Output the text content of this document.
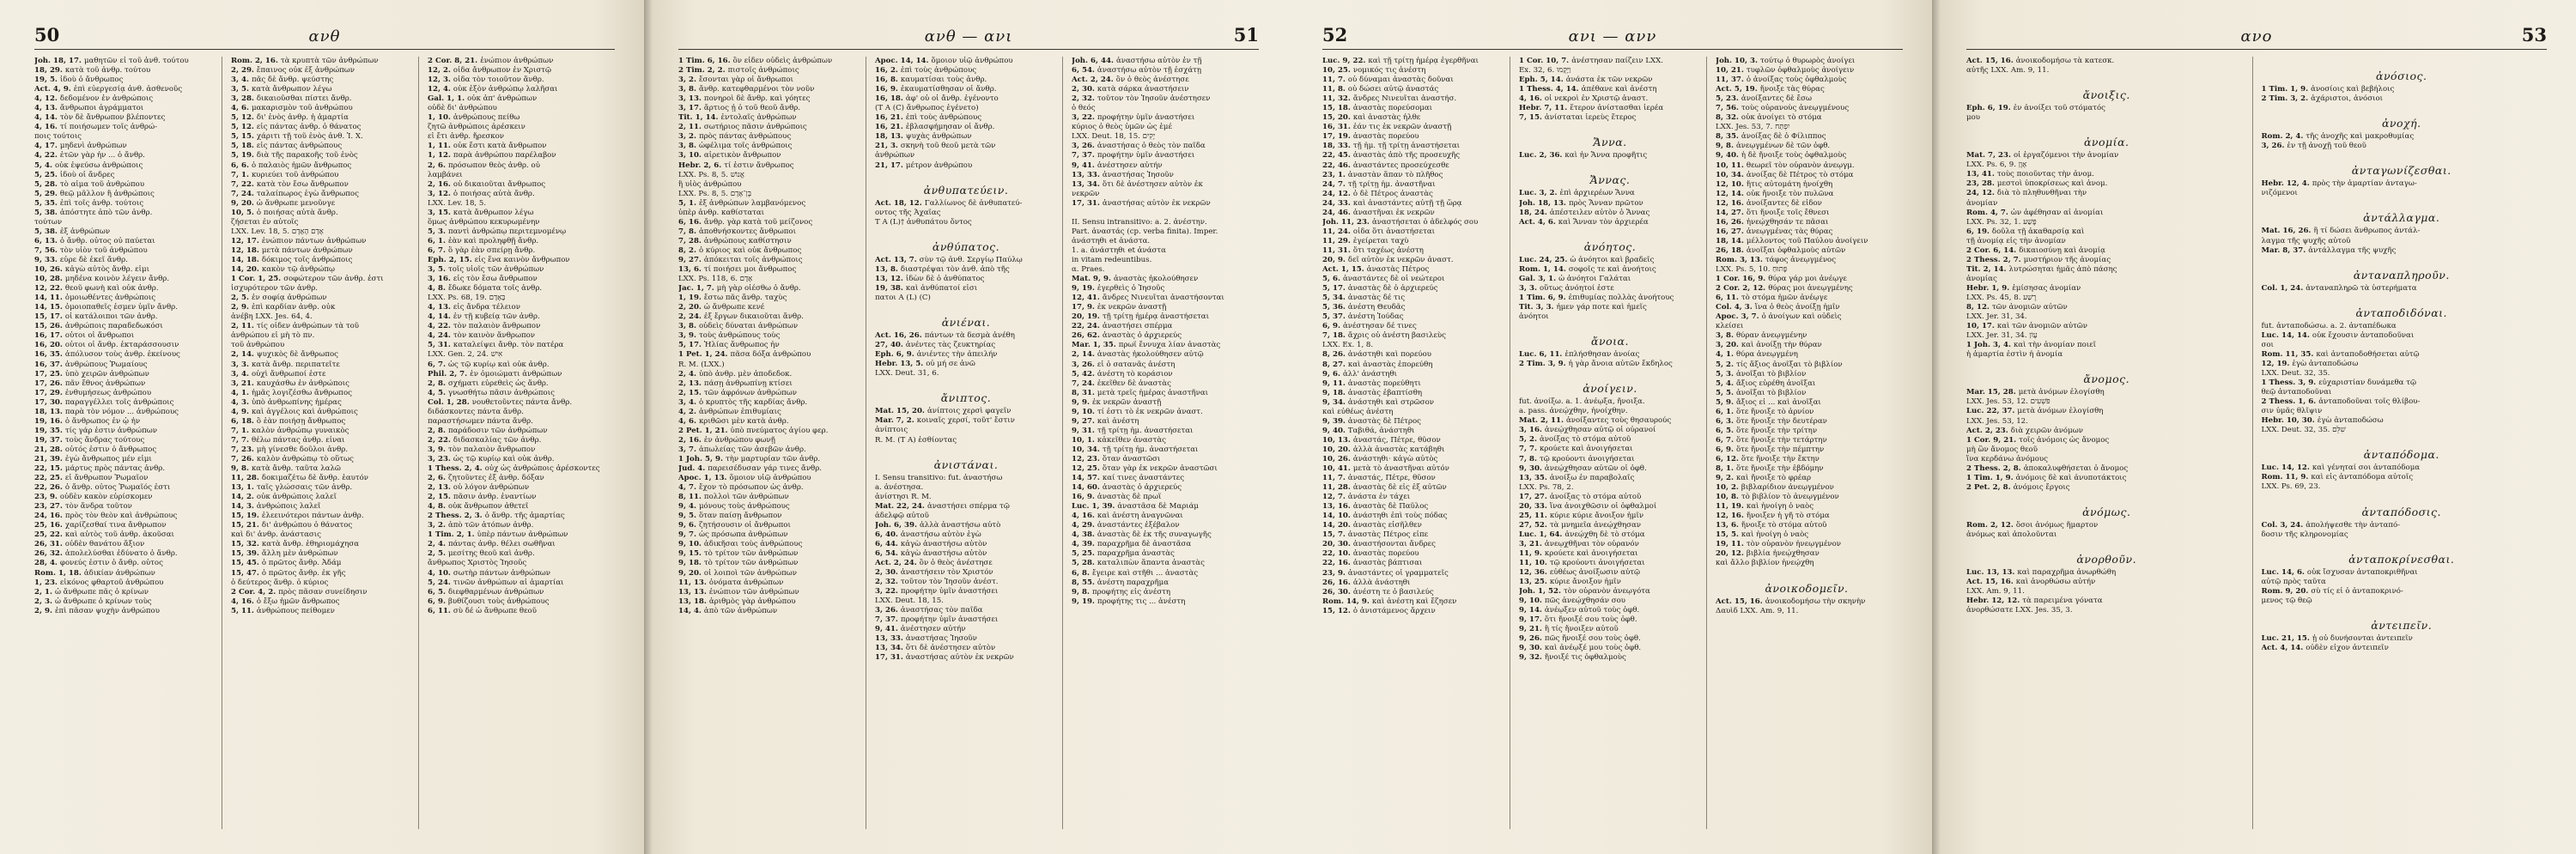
50	ανθ
Joh. 18, 17. μαθητῶν εἶ τοῦ ἀνθ. τούτου
18, 29. κατὰ τοῦ ἀνθρ. τούτου
19, 5. ἰδοὺ ὁ ἄνθρωπος
Act. 4, 9. ἐπὶ εὐεργεσίᾳ ἀνθ. ἀσθενοῦς
4, 12. δεδομένον ἐν ἀνθρώποις
4, 13. ἄνθρωποι ἀγράμματοι
4, 14. τὸν δὲ ἄνθρωπον βλέποντες
4, 16. τί ποιήσωμεν τοῖς ἀνθρώ-
ποις τούτοις
4, 17. μηδενὶ ἀνθρώπων
4, 22. ἐτῶν γὰρ ἦν ... ὁ ἄνθρ.
5, 4. οὐκ ἐψεύσω ἀνθρώποις
5, 25. ἰδοὺ οἱ ἄνδρες
5, 28. τὸ αἷμα τοῦ ἀνθρώπου
5, 29. θεῷ μᾶλλον ἢ ἀνθρώποις
5, 35. ἐπὶ τοῖς ἀνθρ. τούτοις
5, 38. ἀπόστητε ἀπὸ τῶν ἀνθρ.
τούτων
5, 38. ἐξ ἀνθρώπων
6, 13. ὁ ἄνθρ. οὗτος οὐ παύεται
7, 56. τὸν υἱὸν τοῦ ἀνθρώπου
9, 33. εὗρε δὲ ἐκεῖ ἄνθρ.
10, 26. κἀγὼ αὐτὸς ἄνθρ. εἰμι
10, 28. μηδένα κοινὸν λέγειν ἄνθρ.
12, 22. θεοῦ φωνὴ καὶ οὐκ ἀνθρ.
14, 11. ὁμοιωθέντες ἀνθρώποις
14, 15. ὁμοιοπαθεῖς ἐσμεν ὑμῖν ἄνθρ.
15, 17. οἱ κατάλοιποι τῶν ἀνθρ.
15, 26. ἀνθρώποις παραδεδωκόσι
16, 17. οὗτοι οἱ ἄνθρωποι
16, 20. οὗτοι οἱ ἄνθρ. ἐκταράσσουσιν
16, 35. ἀπόλυσον τοὺς ἀνθρ. ἐκείνους
16, 37. ἀνθρώπους Ῥωμαίους
17, 25. ὑπὸ χειρῶν ἀνθρώπων
17, 26. πᾶν ἔθνος ἀνθρώπων
17, 29. ἐνθυμήσεως ἀνθρώπου
17, 30. παραγγέλλει τοῖς ἀνθρώποις
18, 13. παρὰ τὸν νόμον ... ἀνθρώπους
19, 16. ὁ ἄνθρωπος ἐν ᾧ ἦν
19, 35. τίς γάρ ἐστιν ἀνθρώπων
19, 37. τοὺς ἄνδρας τούτους
21, 28. οὗτός ἐστιν ὁ ἄνθρωπος
21, 39. ἐγὼ ἄνθρωπος μέν εἰμι
22, 15. μάρτυς πρὸς πάντας ἀνθρ.
22, 25. εἰ ἄνθρωπον Ῥωμαῖον
22, 26. ὁ ἄνθρ. οὗτος Ῥωμαῖός ἐστι
23, 9. οὐδὲν κακὸν εὑρίσκομεν
23, 27. τὸν ἄνδρα τοῦτον
24, 16. πρὸς τὸν θεὸν καὶ ἀνθρώπους
25, 16. χαρίζεσθαί τινα ἄνθρωπον
25, 22. καὶ αὐτὸς τοῦ ἀνθρ. ἀκοῦσαι
26, 31. οὐδὲν θανάτου ἄξιον
26, 32. ἀπολελύσθαι ἐδύνατο ὁ ἄνθρ.
28, 4. φονεύς ἐστιν ὁ ἄνθρ. οὗτος
Rom. 1, 18. ἀδικίαν ἀνθρώπων
1, 23. εἰκόνος φθαρτοῦ ἀνθρώπου
2, 1. ὦ ἄνθρωπε πᾶς ὁ κρίνων
2, 3. ὦ ἄνθρωπε ὁ κρίνων τοὺς
2, 9. ἐπὶ πᾶσαν ψυχὴν ἀνθρώπου
Rom. 2, 16. τὰ κρυπτὰ τῶν ἀνθρώπων
2, 29. ἔπαινος οὐκ ἐξ ἀνθρώπων
3, 4. πᾶς δὲ ἄνθρ. ψεύστης
3, 5. κατὰ ἄνθρωπον λέγω
3, 28. δικαιοῦσθαι πίστει ἄνθρ.
4, 6. μακαρισμὸν τοῦ ἀνθρώπου
5, 12. δι' ἑνὸς ἀνθρ. ἡ ἁμαρτία
5, 12. εἰς πάντας ἀνθρ. ὁ θάνατος
5, 15. χάριτι τῇ τοῦ ἑνὸς ἀνθ. Ἰ. Χ.
5, 18. εἰς πάντας ἀνθρώπους
5, 19. διὰ τῆς παρακοῆς τοῦ ἑνὸς
6, 6. ὁ παλαιὸς ἡμῶν ἄνθρωπος
7, 1. κυριεύει τοῦ ἀνθρώπου
7, 22. κατὰ τὸν ἔσω ἄνθρωπον
7, 24. ταλαίπωρος ἐγὼ ἄνθρωπος
9, 20. ὦ ἄνθρωπε μενοῦνγε
10, 5. ὁ ποιήσας αὐτὰ ἄνθρ.
ζήσεται ἐν αὐτοῖς
LXX. Lev. 18, 5. אָדָם הָאָדָם
12, 17. ἐνώπιον πάντων ἀνθρώπων
12, 18. μετὰ πάντων ἀνθρώπων
14, 18. δόκιμος τοῖς ἀνθρώποις
14, 20. κακὸν τῷ ἀνθρώπῳ
1 Cor. 1, 25. σοφώτερον τῶν ἀνθρ. ἐστι
ἰσχυρότερον τῶν ἀνθρ.
2, 5. ἐν σοφίᾳ ἀνθρώπων
2, 9. ἐπὶ καρδίαν ἀνθρ. οὐκ
ἀνέβη LXX. Jes. 64, 4.
2, 11. τίς οἶδεν ἀνθρώπων τὰ τοῦ
ἀνθρώπου εἰ μὴ τὸ πν.
τοῦ ἀνθρώπου
2, 14. ψυχικὸς δὲ ἄνθρωπος
3, 3. κατὰ ἄνθρ. περιπατεῖτε
3, 4. οὐχὶ ἄνθρωποί ἐστε
3, 21. καυχάσθω ἐν ἀνθρώποις
4, 1. ἡμᾶς λογιζέσθω ἄνθρωπος
4, 3. ὑπὸ ἀνθρωπίνης ἡμέρας
4, 9. καὶ ἀγγέλοις καὶ ἀνθρώποις
6, 18. ὃ ἐὰν ποιήσῃ ἄνθρωπος
7, 1. καλὸν ἀνθρώπῳ γυναικὸς
7, 7. θέλω πάντας ἀνθρ. εἶναι
7, 23. μὴ γίνεσθε δοῦλοι ἀνθρ.
7, 26. καλὸν ἀνθρώπῳ τὸ οὕτως
9, 8. κατὰ ἄνθρ. ταῦτα λαλῶ
11, 28. δοκιμαζέτω δὲ ἄνθρ. ἑαυτόν
13, 1. ταῖς γλώσσαις τῶν ἀνθρ.
14, 2. οὐκ ἀνθρώποις λαλεῖ
14, 3. ἀνθρώποις λαλεῖ
15, 19. ἐλεεινότεροι πάντων ἀνθρ.
15, 21. δι' ἀνθρώπου ὁ θάνατος
καὶ δι' ἀνθρ. ἀνάστασις
15, 32. κατὰ ἄνθρ. ἐθηριομάχησα
15, 39. ἄλλη μὲν ἀνθρώπων
15, 45. ὁ πρῶτος ἄνθρ. Ἀδάμ
15, 47. ὁ πρῶτος ἄνθρ. ἐκ γῆς
ὁ δεύτερος ἄνθρ. ὁ κύριος
2 Cor. 4, 2. πρὸς πᾶσαν συνείδησιν
4, 16. ὁ ἔξω ἡμῶν ἄνθρωπος
5, 11. ἀνθρώπους πείθομεν
2 Cor. 8, 21. ἐνώπιον ἀνθρώπων
12, 2. οἶδα ἄνθρωπον ἐν Χριστῷ
12, 3. οἶδα τὸν τοιοῦτον ἄνθρ.
12, 4. οὐκ ἐξὸν ἀνθρώπῳ λαλῆσαι
Gal. 1, 1. οὐκ ἀπ' ἀνθρώπων
οὐδὲ δι' ἀνθρώπου
1, 10. ἀνθρώπους πείθω
ζητῶ ἀνθρώποις ἀρέσκειν
εἰ ἔτι ἀνθρ. ἤρεσκον
1, 11. οὐκ ἔστι κατὰ ἄνθρωπον
1, 12. παρὰ ἀνθρώπου παρέλαβον
2, 6. πρόσωπον θεὸς ἀνθρ. οὐ
λαμβάνει
2, 16. οὐ δικαιοῦται ἄνθρωπος
3, 12. ὁ ποιήσας αὐτὰ ἄνθρ.
LXX. Lev. 18, 5.
3, 15. κατὰ ἄνθρωπον λέγω
ὅμως ἀνθρώπου κεκυρωμένην
5, 3. παντὶ ἀνθρώπῳ περιτεμνομένῳ
6, 1. ἐὰν καὶ προληφθῇ ἄνθρ.
6, 7. ὃ γὰρ ἐὰν σπείρῃ ἄνθρ.
Eph. 2, 15. εἰς ἕνα καινὸν ἄνθρωπον
3, 5. τοῖς υἱοῖς τῶν ἀνθρώπων
3, 16. εἰς τὸν ἔσω ἄνθρωπον
4, 8. ἔδωκε δόματα τοῖς ἀνθρ.
LXX. Ps. 68, 19. בָּאָדָם
4, 13. εἰς ἄνδρα τέλειον
4, 14. ἐν τῇ κυβείᾳ τῶν ἀνθρ.
4, 22. τὸν παλαιὸν ἄνθρωπον
4, 24. τὸν καινὸν ἄνθρωπον
5, 31. καταλείψει ἄνθρ. τὸν πατέρα
LXX. Gen. 2, 24. אִישׁ
6, 7. ὡς τῷ κυρίῳ καὶ οὐκ ἀνθρ.
Phil. 2, 7. ἐν ὁμοιώματι ἀνθρώπων
2, 8. σχήματι εὑρεθεὶς ὡς ἄνθρ.
4, 5. γνωσθήτω πᾶσιν ἀνθρώποις
Col. 1, 28. νουθετοῦντες πάντα ἄνθρ.
διδάσκοντες πάντα ἄνθρ.
παραστήσωμεν πάντα ἄνθρ.
2, 8. παράδοσιν τῶν ἀνθρώπων
2, 22. διδασκαλίας τῶν ἀνθρ.
3, 9. τὸν παλαιὸν ἄνθρωπον
3, 23. ὡς τῷ κυρίῳ καὶ οὐκ ἀνθρ.
1 Thess. 2, 4. οὐχ ὡς ἀνθρώποις ἀρέσκοντες
2, 6. ζητοῦντες ἐξ ἀνθρ. δόξαν
2, 13. οὐ λόγον ἀνθρώπων
2, 15. πᾶσιν ἀνθρ. ἐναντίων
4, 8. οὐκ ἄνθρωπον ἀθετεῖ
2 Thess. 2, 3. ὁ ἄνθρ. τῆς ἁμαρτίας
3, 2. ἀπὸ τῶν ἀτόπων ἀνθρ.
1 Tim. 2, 1. ὑπὲρ πάντων ἀνθρώπων
2, 4. πάντας ἀνθρ. θέλει σωθῆναι
2, 5. μεσίτης θεοῦ καὶ ἀνθρ.
ἄνθρωπος Χριστὸς Ἰησοῦς
4, 10. σωτὴρ πάντων ἀνθρώπων
5, 24. τινῶν ἀνθρώπων αἱ ἁμαρτίαι
6, 5. διεφθαρμένων ἀνθρώπων
6, 9. βυθίζουσι τοὺς ἀνθρώπους
6, 11. σὺ δέ ὦ ἄνθρωπε θεοῦ
ανθ — ανι	51
1 Tim. 6, 16. ὃν εἶδεν οὐδεὶς ἀνθρώπων
2 Tim. 2, 2. πιστοῖς ἀνθρώποις
3, 2. ἔσονται γὰρ οἱ ἄνθρωποι
3, 8. ἄνθρ. κατεφθαρμένοι τὸν νοῦν
3, 13. πονηροὶ δὲ ἄνθρ. καὶ γόητες
3, 17. ἄρτιος ᾖ ὁ τοῦ θεοῦ ἄνθρ.
Tit. 1, 14. ἐντολαῖς ἀνθρώπων
2, 11. σωτήριος πᾶσιν ἀνθρώποις
3, 2. πρὸς πάντας ἀνθρώπους
3, 8. ὠφέλιμα τοῖς ἀνθρώποις
3, 10. αἱρετικὸν ἄνθρωπον
Hebr. 2, 6. τί ἐστιν ἄνθρωπος
LXX. Ps. 8, 5. אֱנוֹשׁ
ἢ υἱὸς ἀνθρώπου
LXX. Ps. 8, 5. בֶּן־אָדָם
5, 1. ἐξ ἀνθρώπων λαμβανόμενος
ὑπὲρ ἀνθρ. καθίσταται
6, 16. ἄνθρ. γὰρ κατὰ τοῦ μείζονος
7, 8. ἀποθνήσκοντες ἄνθρωποι
7, 28. ἀνθρώπους καθίστησιν
8, 2. ὁ κύριος καὶ οὐκ ἄνθρωπος
9, 27. ἀπόκειται τοῖς ἀνθρώποις
13, 6. τί ποιήσει μοι ἄνθρωπος
LXX. Ps. 118, 6. אָדָם
Jac. 1, 7. μὴ γὰρ οἰέσθω ὁ ἄνθρ.
1, 19. ἔστω πᾶς ἄνθρ. ταχὺς
2, 20. ὦ ἄνθρωπε κενέ
2, 24. ἐξ ἔργων δικαιοῦται ἄνθρ.
3, 8. οὐδεὶς δύναται ἀνθρώπων
3, 9. τοὺς ἀνθρώπους τοὺς
5, 17. Ἠλίας ἄνθρωπος ἦν
1 Pet. 1, 24. πᾶσα δόξα ἀνθρώπου
R. M. (LXX.)
2, 4. ὑπὸ ἀνθρ. μὲν ἀποδεδοκ.
2, 13. πάσῃ ἀνθρωπίνῃ κτίσει
2, 15. τῶν ἀφρόνων ἀνθρώπων
3, 4. ὁ κρυπτὸς τῆς καρδίας ἄνθρ.
4, 2. ἀνθρώπων ἐπιθυμίαις
4, 6. κριθῶσι μὲν κατὰ ἀνθρ.
2 Pet. 1, 21. ὑπὸ πνεύματος ἁγίου φερ.
2, 16. ἐν ἀνθρώπου φωνῇ
3, 7. ἀπωλείας τῶν ἀσεβῶν ἀνθρ.
1 Joh. 5, 9. τὴν μαρτυρίαν τῶν ἀνθρ.
Jud. 4. παρεισέδυσαν γάρ τινες ἄνθρ.
Apoc. 1, 13. ὅμοιον υἱῷ ἀνθρώπου
4, 7. ἔχον τὸ πρόσωπον ὡς ἀνθρ.
8, 11. πολλοὶ τῶν ἀνθρώπων
9, 4. μόνους τοὺς ἀνθρώπους
9, 5. ὅταν παίσῃ ἄνθρωπον
9, 6. ζητήσουσιν οἱ ἄνθρωποι
9, 7. ὡς πρόσωπα ἀνθρώπων
9, 10. ἀδικῆσαι τοὺς ἀνθρώπους
9, 15. τὸ τρίτον τῶν ἀνθρώπων
9, 18. τὸ τρίτον τῶν ἀνθρώπων
9, 20. οἱ λοιποὶ τῶν ἀνθρώπων
11, 13. ὀνόματα ἀνθρώπων
13, 13. ἐνώπιον τῶν ἀνθρώπων
13, 18. ἀριθμὸς γὰρ ἀνθρώπου
14, 4. ἀπὸ τῶν ἀνθρώπων
Apoc. 14, 14. ὅμοιον υἱῷ ἀνθρώπου
16, 2. ἐπὶ τοὺς ἀνθρώπους
16, 8. καυματίσαι τοὺς ἀνθρ.
16, 9. ἐκαυματίσθησαν οἱ ἄνθρ.
16, 18. ἀφ' οὗ οἱ ἄνθρ. ἐγένοντο
(T A (C) ἄνθρωπος ἐγένετο)
16, 21. ἐπὶ τοὺς ἀνθρώπους
16, 21. ἐβλασφήμησαν οἱ ἄνθρ.
18, 13. ψυχὰς ἀνθρώπων
21, 3. σκηνὴ τοῦ θεοῦ μετὰ τῶν
ἀνθρώπων
21, 17. μέτρον ἀνθρώπου

ἀνθυπατεύειν.
Act. 18, 12. Γαλλίωνος δὲ ἀνθυπατεύ-
οντος τῆς Ἀχαΐας
T A (L)† ἀνθυπάτου ὄντος

ἀνθύπατος.
Act. 13, 7. σὺν τῷ ἀνθ. Σεργίῳ Παύλῳ
13, 8. διαστρέψαι τὸν ἀνθ. ἀπὸ τῆς
13, 12. ἰδὼν δὲ ὁ ἀνθύπατος
19, 38. καὶ ἀνθύπατοί εἰσι
πατοι A (L) (C)

ἀνιέναι.
Act. 16, 26. πάντων τὰ δεσμὰ ἀνέθη
27, 40. ἀνέντες τὰς ζευκτηρίας
Eph. 6, 9. ἀνιέντες τὴν ἀπειλήν
Hebr. 13, 5. οὐ μή σε ἀνῶ
LXX. Deut. 31, 6.

ἄνιπτος.
Mat. 15, 20. ἀνίπτοις χερσὶ φαγεῖν
Mar. 7, 2. κοιναῖς χερσί, τοῦτ' ἔστιν
ἀνίπτοις
R. M. (T A) ἐσθίοντας

ἀνιστάναι.
I. Sensu transitivo: fut. ἀναστήσω
a. ἀνέστησα.
ἀνίστησι R. M.
Mat. 22, 24. ἀναστήσει σπέρμα τῷ
ἀδελφῷ αὐτοῦ
Joh. 6, 39. ἀλλὰ ἀναστήσω αὐτὸ
6, 40. ἀναστήσω αὐτὸν ἐγὼ
6, 44. κἀγὼ ἀναστήσω αὐτὸν
6, 54. κἀγὼ ἀναστήσω αὐτὸν
Act. 2, 24. ὃν ὁ θεὸς ἀνέστησε
2, 30. ἀναστήσειν τὸν Χριστόν
2, 32. τοῦτον τὸν Ἰησοῦν ἀνέστ.
3, 22. προφήτην ὑμῖν ἀναστήσει
LXX. Deut. 18, 15.
3, 26. ἀναστήσας τὸν παῖδα
7, 37. προφήτην ὑμῖν ἀναστήσει
9, 41. ἀνέστησεν αὐτήν
13, 33. ἀναστήσας Ἰησοῦν
13, 34. ὅτι δὲ ἀνέστησεν αὐτὸν
17, 31. ἀναστήσας αὐτὸν ἐκ νεκρῶν
Joh. 6, 44. ἀναστήσω αὐτὸν ἐν τῇ
6, 54. ἀναστήσω αὐτὸν τῇ ἐσχάτῃ
Act. 2, 24. ὃν ὁ θεὸς ἀνέστησε
2, 30. κατὰ σάρκα ἀναστήσειν
2, 32. τοῦτον τὸν Ἰησοῦν ἀνέστησεν
ὁ θεός
3, 22. προφήτην ὑμῖν ἀναστήσει
κύριος ὁ θεὸς ὑμῶν ὡς ἐμέ
LXX. Deut. 18, 15. יָקִים
3, 26. ἀναστήσας ὁ θεὸς τὸν παῖδα
7, 37. προφήτην ὑμῖν ἀναστήσει
9, 41. ἀνέστησεν αὐτήν
13, 33. ἀναστήσας Ἰησοῦν
13, 34. ὅτι δὲ ἀνέστησεν αὐτὸν ἐκ
νεκρῶν
17, 31. ἀναστήσας αὐτὸν ἐκ νεκρῶν

II. Sensu intransitivo: a. 2. ἀνέστην.
Part. ἀναστάς (cp. verba finita). Imper.
ἀνάστηθι et ἀνάστα.
1. a. ἀνάστηθι et ἀνάστα
in vitam redeuntibus.
α. Praes.
Mat. 9, 9. ἀναστὰς ἠκολούθησεν
9, 19. ἐγερθεὶς ὁ Ἰησοῦς
12, 41. ἄνδρες Νινευῖται ἀναστήσονται
17, 9. ἐκ νεκρῶν ἀναστῇ
20, 19. τῇ τρίτῃ ἡμέρᾳ ἀναστήσεται
22, 24. ἀναστήσει σπέρμα
26, 62. ἀναστὰς ὁ ἀρχιερεύς
Mar. 1, 35. πρωῒ ἔννυχα λίαν ἀναστὰς
2, 14. ἀναστὰς ἠκολούθησεν αὐτῷ
3, 26. εἰ ὁ σατανᾶς ἀνέστη
5, 42. ἀνέστη τὸ κοράσιον
7, 24. ἐκεῖθεν δὲ ἀναστὰς
8, 31. μετὰ τρεῖς ἡμέρας ἀναστῆναι
9, 9. ἐκ νεκρῶν ἀναστῇ
9, 10. τί ἐστι τὸ ἐκ νεκρῶν ἀναστ.
9, 27. καὶ ἀνέστη
9, 31. τῇ τρίτῃ ἡμ. ἀναστήσεται
10, 1. κἀκεῖθεν ἀναστὰς
10, 34. τῇ τρίτῃ ἡμ. ἀναστήσεται
12, 23. ὅταν ἀναστῶσι
12, 25. ὅταν γὰρ ἐκ νεκρῶν ἀναστῶσι
14, 57. καί τινες ἀναστάντες
14, 60. ἀναστὰς ὁ ἀρχιερεύς
16, 9. ἀναστὰς δὲ πρωῒ
Luc. 1, 39. ἀναστᾶσα δὲ Μαριάμ
4, 16. καὶ ἀνέστη ἀναγνῶναι
4, 29. ἀναστάντες ἐξέβαλον
4, 38. ἀναστὰς δὲ ἐκ τῆς συναγωγῆς
4, 39. παραχρῆμα δὲ ἀναστᾶσα
5, 25. παραχρῆμα ἀναστὰς
5, 28. καταλιπὼν ἅπαντα ἀναστὰς
6, 8. ἔγειρε καὶ στῆθι ... ἀναστὰς
8, 55. ἀνέστη παραχρῆμα
9, 8. προφήτης εἷς ἀνέστη
9, 19. προφήτης τις ... ἀνέστη
52	ανι — ανν
Luc. 9, 22. καὶ τῇ τρίτῃ ἡμέρᾳ ἐγερθῆναι
10, 25. νομικός τις ἀνέστη
11, 7. οὐ δύναμαι ἀναστὰς δοῦναι
11, 8. οὐ δώσει αὐτῷ ἀναστάς
11, 32. ἄνδρες Νινευῖται ἀναστήσ.
15, 18. ἀναστὰς πορεύσομαι
15, 20. καὶ ἀναστὰς ἦλθε
16, 31. ἐάν τις ἐκ νεκρῶν ἀναστῇ
17, 19. ἀναστὰς πορεύου
18, 33. τῇ ἡμ. τῇ τρίτῃ ἀναστήσεται
22, 45. ἀναστὰς ἀπὸ τῆς προσευχῆς
22, 46. ἀναστάντες προσεύχεσθε
23, 1. ἀναστὰν ἅπαν τὸ πλῆθος
24, 7. τῇ τρίτῃ ἡμ. ἀναστῆναι
24, 12. ὁ δὲ Πέτρος ἀναστὰς
24, 33. καὶ ἀναστάντες αὐτῇ τῇ ὥρᾳ
24, 46. ἀναστῆναι ἐκ νεκρῶν
Joh. 11, 23. ἀναστήσεται ὁ ἀδελφός σου
11, 24. οἶδα ὅτι ἀναστήσεται
11, 29. ἐγείρεται ταχὺ
11, 31. ὅτι ταχέως ἀνέστη
20, 9. δεῖ αὐτὸν ἐκ νεκρῶν ἀναστ.
Act. 1, 15. ἀναστὰς Πέτρος
5, 6. ἀναστάντες δὲ οἱ νεώτεροι
5, 17. ἀναστὰς δὲ ὁ ἀρχιερεύς
5, 34. ἀναστὰς δέ τις
5, 36. ἀνέστη Θευδᾶς
5, 37. ἀνέστη Ἰούδας
6, 9. ἀνέστησαν δέ τινες
7, 18. ἄχρις οὗ ἀνέστη βασιλεὺς
LXX. Ex. 1, 8.
8, 26. ἀνάστηθι καὶ πορεύου
8, 27. καὶ ἀναστὰς ἐπορεύθη
9, 6. ἀλλ' ἀνάστηθι
9, 11. ἀναστὰς πορεύθητι
9, 18. ἀναστὰς ἐβαπτίσθη
9, 34. ἀνάστηθι καὶ στρῶσον
καὶ εὐθέως ἀνέστη
9, 39. ἀναστὰς δὲ Πέτρος
9, 40. Ταβιθά, ἀνάστηθι
10, 13. ἀναστάς, Πέτρε, θῦσον
10, 20. ἀλλὰ ἀναστὰς κατάβηθι
10, 26. ἀνάστηθι· κἀγὼ αὐτὸς
10, 41. μετὰ τὸ ἀναστῆναι αὐτόν
11, 7. ἀναστάς, Πέτρε, θῦσον
11, 28. ἀναστὰς δὲ εἷς ἐξ αὐτῶν
12, 7. ἀνάστα ἐν τάχει
13, 16. ἀναστὰς δὲ Παῦλος
14, 10. ἀνάστηθι ἐπὶ τοὺς πόδας
14, 20. ἀναστὰς εἰσῆλθεν
15, 7. ἀναστὰς Πέτρος εἶπε
20, 30. ἀναστήσονται ἄνδρες
22, 10. ἀναστὰς πορεύου
22, 16. ἀναστὰς βάπτισαι
23, 9. ἀναστάντες οἱ γραμματεῖς
26, 16. ἀλλὰ ἀνάστηθι
26, 30. ἀνέστη τε ὁ βασιλεύς
Rom. 14, 9. καὶ ἀνέστη καὶ ἔζησεν
15, 12. ὁ ἀνιστάμενος ἄρχειν
1 Cor. 10, 7. ἀνέστησαν παίζειν LXX.
Ex. 32, 6. וַיָּקֻמוּ
Eph. 5, 14. ἀνάστα ἐκ τῶν νεκρῶν
1 Thess. 4, 14. ἀπέθανε καὶ ἀνέστη
4, 16. οἱ νεκροὶ ἐν Χριστῷ ἀναστ.
Hebr. 7, 11. ἕτερον ἀνίστασθαι ἱερέα
7, 15. ἀνίσταται ἱερεὺς ἕτερος

Ἄννα.
Luc. 2, 36. καὶ ἦν Ἄννα προφῆτις

Ἄννας.
Luc. 3, 2. ἐπὶ ἀρχιερέων Ἄννα
Joh. 18, 13. πρὸς Ἄνναν πρῶτον
18, 24. ἀπέστειλεν αὐτὸν ὁ Ἄννας
Act. 4, 6. καὶ Ἄνναν τὸν ἀρχιερέα

ἀνόητος.
Luc. 24, 25. ὦ ἀνόητοι καὶ βραδεῖς
Rom. 1, 14. σοφοῖς τε καὶ ἀνοήτοις
Gal. 3, 1. ὦ ἀνόητοι Γαλάται
3, 3. οὕτως ἀνόητοί ἐστε
1 Tim. 6, 9. ἐπιθυμίας πολλὰς ἀνοήτους
Tit. 3, 3. ἦμεν γάρ ποτε καὶ ἡμεῖς
ἀνόητοι

ἄνοια.
Luc. 6, 11. ἐπλήσθησαν ἀνοίας
2 Tim. 3, 9. ἡ γὰρ ἄνοια αὐτῶν ἔκδηλος

ἀνοίγειν.
fut. ἀνοίξω. a. 1. ἀνέῳξα, ἤνοιξα.
a. pass. ἀνεῴχθην, ἠνοίχθην.
Mat. 2, 11. ἀνοίξαντες τοὺς θησαυρούς
3, 16. ἀνεῴχθησαν αὐτῷ οἱ οὐρανοί
5, 2. ἀνοίξας τὸ στόμα αὐτοῦ
7, 7. κρούετε καὶ ἀνοιγήσεται
7, 8. τῷ κρούοντι ἀνοιγήσεται
9, 30. ἀνεῴχθησαν αὐτῶν οἱ ὀφθ.
13, 35. ἀνοίξω ἐν παραβολαῖς
LXX. Ps. 78, 2.
17, 27. ἀνοίξας τὸ στόμα αὐτοῦ
20, 33. ἵνα ἀνοιχθῶσιν οἱ ὀφθαλμοί
25, 11. κύριε κύριε ἄνοιξον ἡμῖν
27, 52. τὰ μνημεῖα ἀνεῴχθησαν
Luc. 1, 64. ἀνεῴχθη δὲ τὸ στόμα
3, 21. ἀνεῳχθῆναι τὸν οὐρανόν
11, 9. κρούετε καὶ ἀνοιγήσεται
11, 10. τῷ κρούοντι ἀνοιγήσεται
12, 36. εὐθέως ἀνοίξωσιν αὐτῷ
13, 25. κύριε ἄνοιξον ἡμῖν
Joh. 1, 52. τὸν οὐρανὸν ἀνεῳγότα
9, 10. πῶς ἀνεῴχθησάν σου
9, 14. ἀνέῳξεν αὐτοῦ τοὺς ὀφθ.
9, 17. ὅτι ἤνοιξέ σου τοὺς ὀφθ.
9, 21. ἢ τίς ἤνοιξεν αὐτοῦ
9, 26. πῶς ἤνοιξέ σου τοὺς ὀφθ.
9, 30. καὶ ἀνέῳξέ μου τοὺς ὀφθ.
9, 32. ἤνοιξέ τις ὀφθαλμοὺς
Joh. 10, 3. τούτῳ ὁ θυρωρὸς ἀνοίγει
10, 21. τυφλῶν ὀφθαλμοὺς ἀνοίγειν
11, 37. ὁ ἀνοίξας τοὺς ὀφθαλμοὺς
Act. 5, 19. ἤνοιξε τὰς θύρας
5, 23. ἀνοίξαντες δὲ ἔσω
7, 56. τοὺς οὐρανοὺς ἀνεῳγμένους
8, 32. οὐκ ἀνοίγει τὸ στόμα
LXX. Jes. 53, 7. יִפְתַּח
8, 35. ἀνοίξας δὲ ὁ Φίλιππος
9, 8. ἀνεῳγμένων δὲ τῶν ὀφθ.
9, 40. ἡ δὲ ἤνοιξε τοὺς ὀφθαλμοὺς
10, 11. θεωρεῖ τὸν οὐρανὸν ἀνεῳγμ.
10, 34. ἀνοίξας δὲ Πέτρος τὸ στόμα
12, 10. ἥτις αὐτομάτη ἠνοίχθη
12, 14. οὐκ ἤνοιξε τὸν πυλῶνα
12, 16. ἀνοίξαντες δὲ εἶδον
14, 27. ὅτι ἤνοιξε τοῖς ἔθνεσι
16, 26. ἠνεῴχθησάν τε πᾶσαι
16, 27. ἀνεῳγμένας τὰς θύρας
18, 14. μέλλοντος τοῦ Παύλου ἀνοίγειν
26, 18. ἀνοῖξαι ὀφθαλμοὺς αὐτῶν
Rom. 3, 13. τάφος ἀνεῳγμένος
LXX. Ps. 5, 10. פָּתוּחַ
1 Cor. 16, 9. θύρα γάρ μοι ἀνέῳγε
2 Cor. 2, 12. θύρας μοι ἀνεῳγμένης
6, 11. τὸ στόμα ἡμῶν ἀνέῳγε
Col. 4, 3. ἵνα ὁ θεὸς ἀνοίξῃ ἡμῖν
Apoc. 3, 7. ὁ ἀνοίγων καὶ οὐδεὶς
κλείσει
3, 8. θύραν ἀνεῳγμένην
3, 20. καὶ ἀνοίξῃ τὴν θύραν
4, 1. θύρα ἀνεῳγμένη
5, 2. τίς ἄξιος ἀνοῖξαι τὸ βιβλίον
5, 3. ἀνοῖξαι τὸ βιβλίον
5, 4. ἄξιος εὑρέθη ἀνοῖξαι
5, 5. ἀνοῖξαι τὸ βιβλίον
5, 9. ἄξιος εἶ ... καὶ ἀνοῖξαι
6, 1. ὅτε ἤνοιξε τὸ ἀρνίον
6, 3. ὅτε ἤνοιξε τὴν δευτέραν
6, 5. ὅτε ἤνοιξε τὴν τρίτην
6, 7. ὅτε ἤνοιξε τὴν τετάρτην
6, 9. ὅτε ἤνοιξε τὴν πέμπτην
6, 12. ὅτε ἤνοιξε τὴν ἕκτην
8, 1. ὅτε ἤνοιξε τὴν ἑβδόμην
9, 2. καὶ ἤνοιξε τὸ φρέαρ
10, 2. βιβλαρίδιον ἀνεῳγμένον
10, 8. τὸ βιβλίον τὸ ἀνεῳγμένον
11, 19. καὶ ἠνοίγη ὁ ναὸς
12, 16. ἤνοιξεν ἡ γῆ τὸ στόμα
13, 6. ἤνοιξε τὸ στόμα αὐτοῦ
15, 5. καὶ ἠνοίγη ὁ ναὸς
19, 11. τὸν οὐρανὸν ἠνεῳγμένον
20, 12. βιβλία ἠνεῴχθησαν
καὶ ἄλλο βιβλίον ἠνεῴχθη

ἀνοικοδομεῖν.
Act. 15, 16. ἀνοικοδομήσω τὴν σκηνὴν
Δαυὶδ LXX. Am. 9, 11.
ανο	53
Act. 15, 16. ἀνοικοδομήσω τὰ κατεσκ.
αὐτῆς LXX. Am. 9, 11.

ἄνοιξις.
Eph. 6, 19. ἐν ἀνοίξει τοῦ στόματός
μου

ἀνομία.
Mat. 7, 23. οἱ ἐργαζόμενοι τὴν ἀνομίαν
LXX. Ps. 6, 9. אָוֶן
13, 41. τοὺς ποιοῦντας τὴν ἀνομ.
23, 28. μεστοὶ ὑποκρίσεως καὶ ἀνομ.
24, 12. διὰ τὸ πληθυνθῆναι τὴν
ἀνομίαν
Rom. 4, 7. ὧν ἀφέθησαν αἱ ἀνομίαι
LXX. Ps. 32, 1. פֶּשַׁע
6, 19. δοῦλα τῇ ἀκαθαρσίᾳ καὶ
τῇ ἀνομίᾳ εἰς τὴν ἀνομίαν
2 Cor. 6, 14. δικαιοσύνῃ καὶ ἀνομίᾳ
2 Thess. 2, 7. μυστήριον τῆς ἀνομίας
Tit. 2, 14. λυτρώσηται ἡμᾶς ἀπὸ πάσης
ἀνομίας
Hebr. 1, 9. ἐμίσησας ἀνομίαν
LXX. Ps. 45, 8. רֶשַׁע
8, 12. τῶν ἀνομιῶν αὐτῶν
LXX. Jer. 31, 34.
10, 17. καὶ τῶν ἀνομιῶν αὐτῶν
LXX. Jer. 31, 34. עָוֹן
1 Joh. 3, 4. καὶ τὴν ἀνομίαν ποιεῖ
ἡ ἁμαρτία ἐστὶν ἡ ἀνομία

ἄνομος.
Mar. 15, 28. μετὰ ἀνόμων ἐλογίσθη
LXX. Jes. 53, 12. פֹּשְׁעִים
Luc. 22, 37. μετὰ ἀνόμων ἐλογίσθη
LXX. Jes. 53, 12.
Act. 2, 23. διὰ χειρῶν ἀνόμων
1 Cor. 9, 21. τοῖς ἀνόμοις ὡς ἄνομος
μὴ ὢν ἄνομος θεοῦ
ἵνα κερδάνω ἀνόμους
2 Thess. 2, 8. ἀποκαλυφθήσεται ὁ ἄνομος
1 Tim. 1, 9. ἀνόμοις δὲ καὶ ἀνυποτάκτοις
2 Pet. 2, 8. ἀνόμοις ἔργοις

ἀνόμως.
Rom. 2, 12. ὅσοι ἀνόμως ἥμαρτον
ἀνόμως καὶ ἀπολοῦνται

ἀνορθοῦν.
Luc. 13, 13. καὶ παραχρῆμα ἀνωρθώθη
Act. 15, 16. καὶ ἀνορθώσω αὐτήν
LXX. Am. 9, 11.
Hebr. 12, 12. τὰ παρειμένα γόνατα
ἀνορθώσατε LXX. Jes. 35, 3.

ἀνόσιος.
1 Tim. 1, 9. ἀνοσίοις καὶ βεβήλοις
2 Tim. 3, 2. ἀχάριστοι, ἀνόσιοι

ἀνοχή.
Rom. 2, 4. τῆς ἀνοχῆς καὶ μακροθυμίας
3, 26. ἐν τῇ ἀνοχῇ τοῦ θεοῦ

ἀνταγωνίζεσθαι.
Hebr. 12, 4. πρὸς τὴν ἁμαρτίαν ἀνταγω-
νιζόμενοι

ἀντάλλαγμα.
Mat. 16, 26. ἢ τί δώσει ἄνθρωπος ἀντάλ-
λαγμα τῆς ψυχῆς αὐτοῦ
Mar. 8, 37. ἀντάλλαγμα τῆς ψυχῆς

ἀνταναπληροῦν.
Col. 1, 24. ἀνταναπληρῶ τὰ ὑστερήματα

ἀνταποδιδόναι.
fut. ἀνταποδώσω. a. 2. ἀνταπέδωκα
Luc. 14, 14. οὐκ ἔχουσιν ἀνταποδοῦναι
σοι
Rom. 11, 35. καὶ ἀνταποδοθήσεται αὐτῷ
12, 19. ἐγὼ ἀνταποδώσω
LXX. Deut. 32, 35.
1 Thess. 3, 9. εὐχαριστίαν δυνάμεθα τῷ
θεῷ ἀνταποδοῦναι
2 Thess. 1, 6. ἀνταποδοῦναι τοῖς θλίβου-
σιν ὑμᾶς θλῖψιν
Hebr. 10, 30. ἐγὼ ἀνταποδώσω
LXX. Deut. 32, 35. שִׁלֵּם

ἀνταπόδομα.
Luc. 14, 12. καὶ γένηταί σοι ἀνταπόδομα
Rom. 11, 9. καὶ εἰς ἀνταπόδομα αὐτοῖς
LXX. Ps. 69, 23.

ἀνταπόδοσις.
Col. 3, 24. ἀπολήψεσθε τὴν ἀνταπό-
δοσιν τῆς κληρονομίας

ἀνταποκρίνεσθαι.
Luc. 14, 6. οὐκ ἴσχυσαν ἀνταποκριθῆναι
αὐτῷ πρὸς ταῦτα
Rom. 9, 20. σὺ τίς εἶ ὁ ἀνταποκρινό-
μενος τῷ θεῷ

ἀντειπεῖν.
Luc. 21, 15. ᾗ οὐ δυνήσονται ἀντειπεῖν
Act. 4, 14. οὐδὲν εἶχον ἀντειπεῖν
